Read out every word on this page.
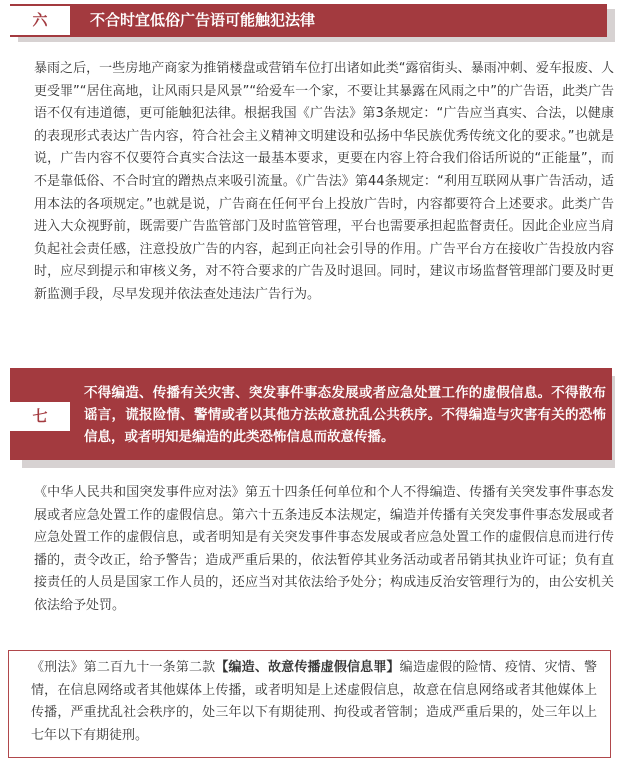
六	不合时宜低俗广告语可能触犯法律

暴雨之后，一些房地产商家为推销楼盘或营销车位打出诸如此类“露宿街头、暴雨冲刺、爱车报废、人更受罪”“居住高地，让风雨只是风景”“给爱车一个家，不要让其暴露在风雨之中”的广告语，此类广告语不仅有违道德，更可能触犯法律。根据我国《广告法》第3条规定：“广告应当真实、合法，以健康的表现形式表达广告内容，符合社会主义精神文明建设和弘扬中华民族优秀传统文化的要求。”也就是说，广告内容不仅要符合真实合法这一最基本要求，更要在内容上符合我们俗话所说的“正能量”，而不是靠低俗、不合时宜的蹭热点来吸引流量。《广告法》第44条规定：“利用互联网从事广告活动，适用本法的各项规定。”也就是说，广告商在任何平台上投放广告时，内容都要符合上述要求。此类广告进入大众视野前，既需要广告监管部门及时监管管理，平台也需要承担起监督责任。因此企业应当肩负起社会责任感，注意投放广告的内容，起到正向社会引导的作用。广告平台方在接收广告投放内容时，应尽到提示和审核义务，对不符合要求的广告及时退回。同时，建议市场监督管理部门要及时更新监测手段，尽早发现并依法查处违法广告行为。

七

不得编造、传播有关灾害、突发事件事态发展或者应急处置工作的虚假信息。不得散布谣言，谎报险情、警情或者以其他方法故意扰乱公共秩序。不得编造与灾害有关的恐怖信息，或者明知是编造的此类恐怖信息而故意传播。

《中华人民共和国突发事件应对法》第五十四条任何单位和个人不得编造、传播有关突发事件事态发展或者应急处置工作的虚假信息。第六十五条违反本法规定，编造并传播有关突发事件事态发展或者应急处置工作的虚假信息，或者明知是有关突发事件事态发展或者应急处置工作的虚假信息而进行传播的，责令改正，给予警告；造成严重后果的，依法暂停其业务活动或者吊销其执业许可证；负有直接责任的人员是国家工作人员的，还应当对其依法给予处分；构成违反治安管理行为的，由公安机关依法给予处罚。

《刑法》第二百九十一条第二款【编造、故意传播虚假信息罪】编造虚假的险情、疫情、灾情、警情，在信息网络或者其他媒体上传播，或者明知是上述虚假信息，故意在信息网络或者其他媒体上传播，严重扰乱社会秩序的，处三年以下有期徒刑、拘役或者管制；造成严重后果的，处三年以上七年以下有期徒刑。
